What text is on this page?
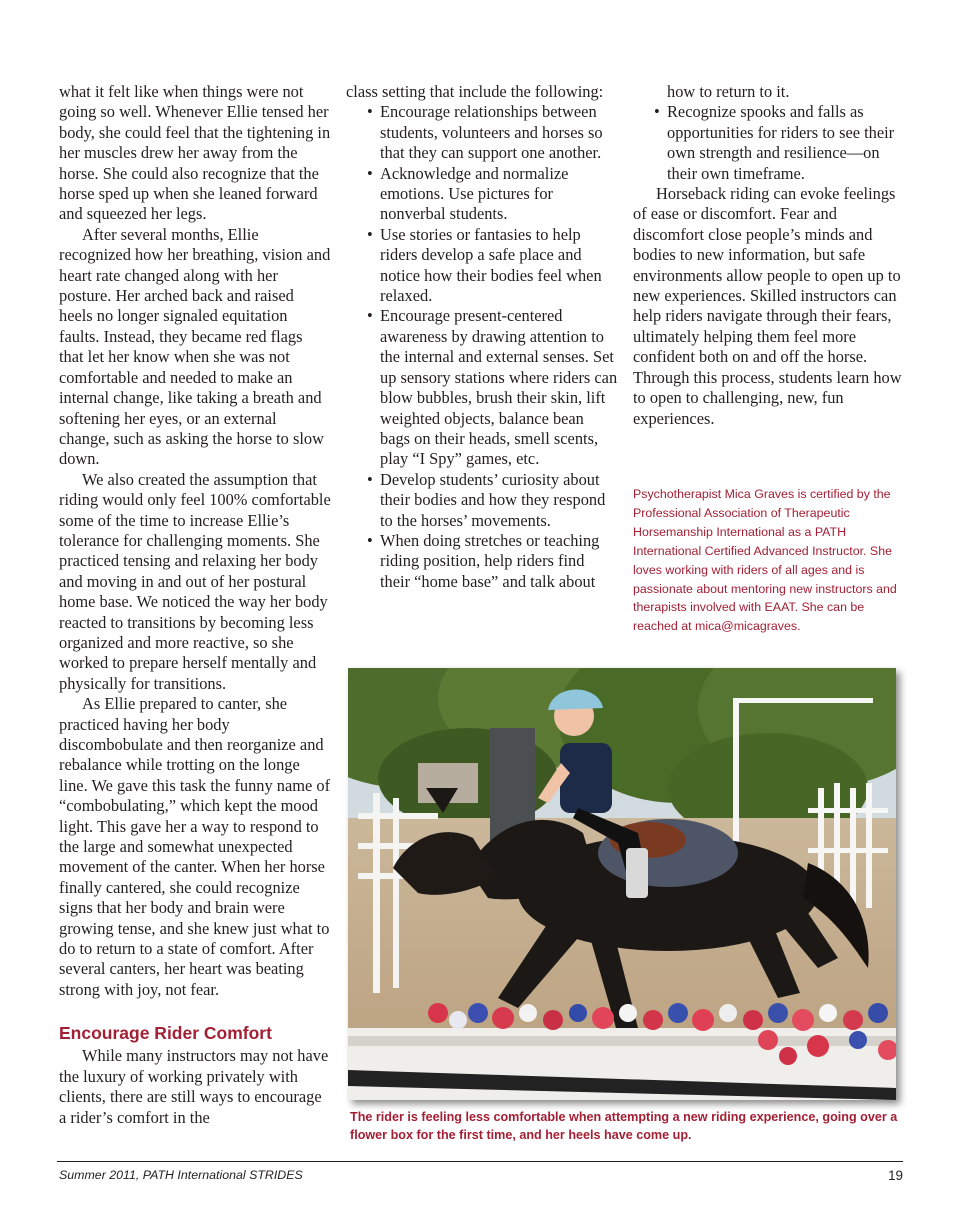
what it felt like when things were not going so well. Whenever Ellie tensed her body, she could feel that the tightening in her muscles drew her away from the horse. She could also recognize that the horse sped up when she leaned forward and squeezed her legs.

After several months, Ellie recognized how her breathing, vision and heart rate changed along with her posture. Her arched back and raised heels no longer signaled equitation faults. Instead, they became red flags that let her know when she was not comfortable and needed to make an internal change, like taking a breath and softening her eyes, or an external change, such as asking the horse to slow down.

We also created the assumption that riding would only feel 100% comfortable some of the time to increase Ellie’s tolerance for challenging moments. She practiced tensing and relaxing her body and moving in and out of her postural home base. We noticed the way her body reacted to transitions by becoming less organized and more reactive, so she worked to prepare herself mentally and physically for transitions.

As Ellie prepared to canter, she practiced having her body discombobulate and then reorganize and rebalance while trotting on the longe line. We gave this task the funny name of “combobulating,” which kept the mood light. This gave her a way to respond to the large and somewhat unexpected movement of the canter. When her horse finally cantered, she could recognize signs that her body and brain were growing tense, and she knew just what to do to return to a state of comfort. After several canters, her heart was beating strong with joy, not fear.

Encourage Rider Comfort

While many instructors may not have the luxury of working privately with clients, there are still ways to encourage a rider’s comfort in the

class setting that include the following:

• Encourage relationships between students, volunteers and horses so that they can support one another.
• Acknowledge and normalize emotions. Use pictures for nonverbal students.
• Use stories or fantasies to help riders develop a safe place and notice how their bodies feel when relaxed.
• Encourage present-centered awareness by drawing attention to the internal and external senses. Set up sensory stations where riders can blow bubbles, brush their skin, lift weighted objects, balance bean bags on their heads, smell scents, play “I Spy” games, etc.
• Develop students’ curiosity about their bodies and how they respond to the horses’ movements.
• When doing stretches or teaching riding position, help riders find their “home base” and talk about

how to return to it.

• Recognize spooks and falls as opportunities for riders to see their own strength and resilience—on their own timeframe.

Horseback riding can evoke feelings of ease or discomfort. Fear and discomfort close people’s minds and bodies to new information, but safe environments allow people to open up to new experiences. Skilled instructors can help riders navigate through their fears, ultimately helping them feel more confident both on and off the horse. Through this process, students learn how to open to challenging, new, fun experiences.

Psychotherapist Mica Graves is certified by the Professional Association of Therapeutic Horsemanship International as a PATH International Certified Advanced Instructor. She loves working with riders of all ages and is passionate about mentoring new instructors and therapists involved with EAAT. She can be reached at mica@micagraves.

The rider is feeling less comfortable when attempting a new riding experience, going over a flower box for the first time, and her heels have come up.

Summer 2011, PATH International STRIDES	19
